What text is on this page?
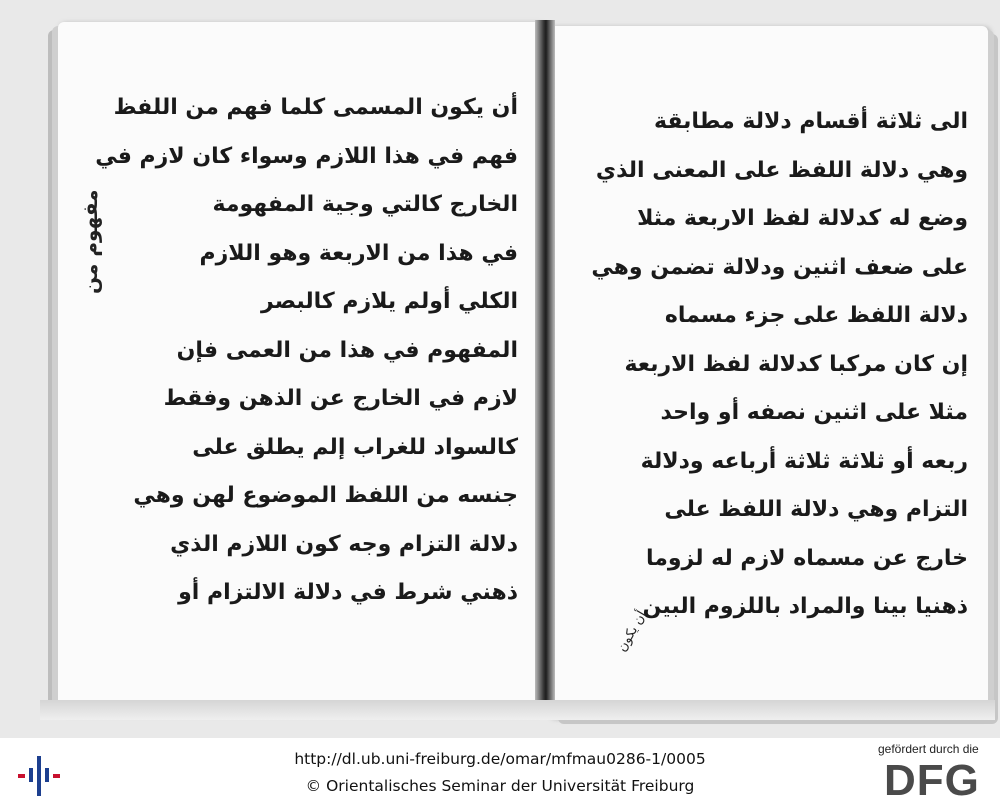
أن يكون المسمى كلما فهم من اللفظ
فهم في هذا اللازم وسواء كان لازم في
الخارج كالتي وجية المفهومة
في هذا من الاربعة وهو اللازم
الكلي أولم يلازم كالبصر
المفهوم في هذا من العمى فإن
لازم في الخارج عن الذهن وفقط
كالسواد للغراب إلم يطلق على
جنسه من اللفظ الموضوع لهن وهي
دلالة التزام وجه كون اللازم الذي
ذهني شرط في دلالة الالتزام أو
مفهوم من
الى ثلاثة أقسام دلالة مطابقة
وهي دلالة اللفظ على المعنى الذي
وضع له كدلالة لفظ الاربعة مثلا
على ضعف اثنين ودلالة تضمن وهي
دلالة اللفظ على جزء مسماه
إن كان مركبا كدلالة لفظ الاربعة
مثلا على اثنين نصفه أو واحد
ربعه أو ثلاثة ثلاثة أرباعه ودلالة
التزام وهي دلالة اللفظ على
خارج عن مسماه لازم له لزوما
ذهنيا بينا والمراد باللزوم البين
أن يكون
http://dl.ub.uni-freiburg.de/omar/mfmau0286-1/0005
© Orientalisches Seminar der Universität Freiburg
gefördert durch die
DFG
